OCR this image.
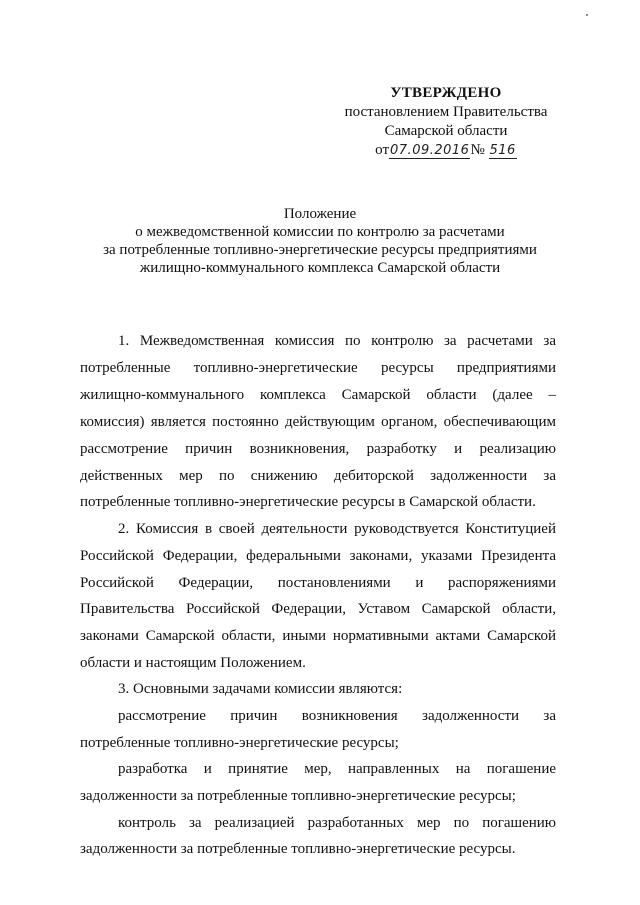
УТВЕРЖДЕНО
постановлением Правительства
Самарской области
от07.09.2016№ 516
Положение
о межведомственной комиссии по контролю за расчетами
за потребленные топливно-энергетические ресурсы предприятиями
жилищно-коммунального комплекса Самарской области
1. Межведомственная комиссия по контролю за расчетами за
потребленные топливно-энергетические ресурсы предприятиями
жилищно-коммунального комплекса Самарской области (далее –
комиссия) является постоянно действующим органом, обеспечивающим
рассмотрение причин возникновения, разработку и реализацию
действенных мер по снижению дебиторской задолженности за
потребленные топливно-энергетические ресурсы в Самарской области.
2. Комиссия в своей деятельности руководствуется Конституцией
Российской Федерации, федеральными законами, указами Президента
Российской Федерации, постановлениями и распоряжениями
Правительства Российской Федерации, Уставом Самарской области,
законами Самарской области, иными нормативными актами Самарской
области и настоящим Положением.
3. Основными задачами комиссии являются:
рассмотрение причин возникновения задолженности за
потребленные топливно-энергетические ресурсы;
разработка и принятие мер, направленных на погашение
задолженности за потребленные топливно-энергетические ресурсы;
контроль за реализацией разработанных мер по погашению
задолженности за потребленные топливно-энергетические ресурсы.
